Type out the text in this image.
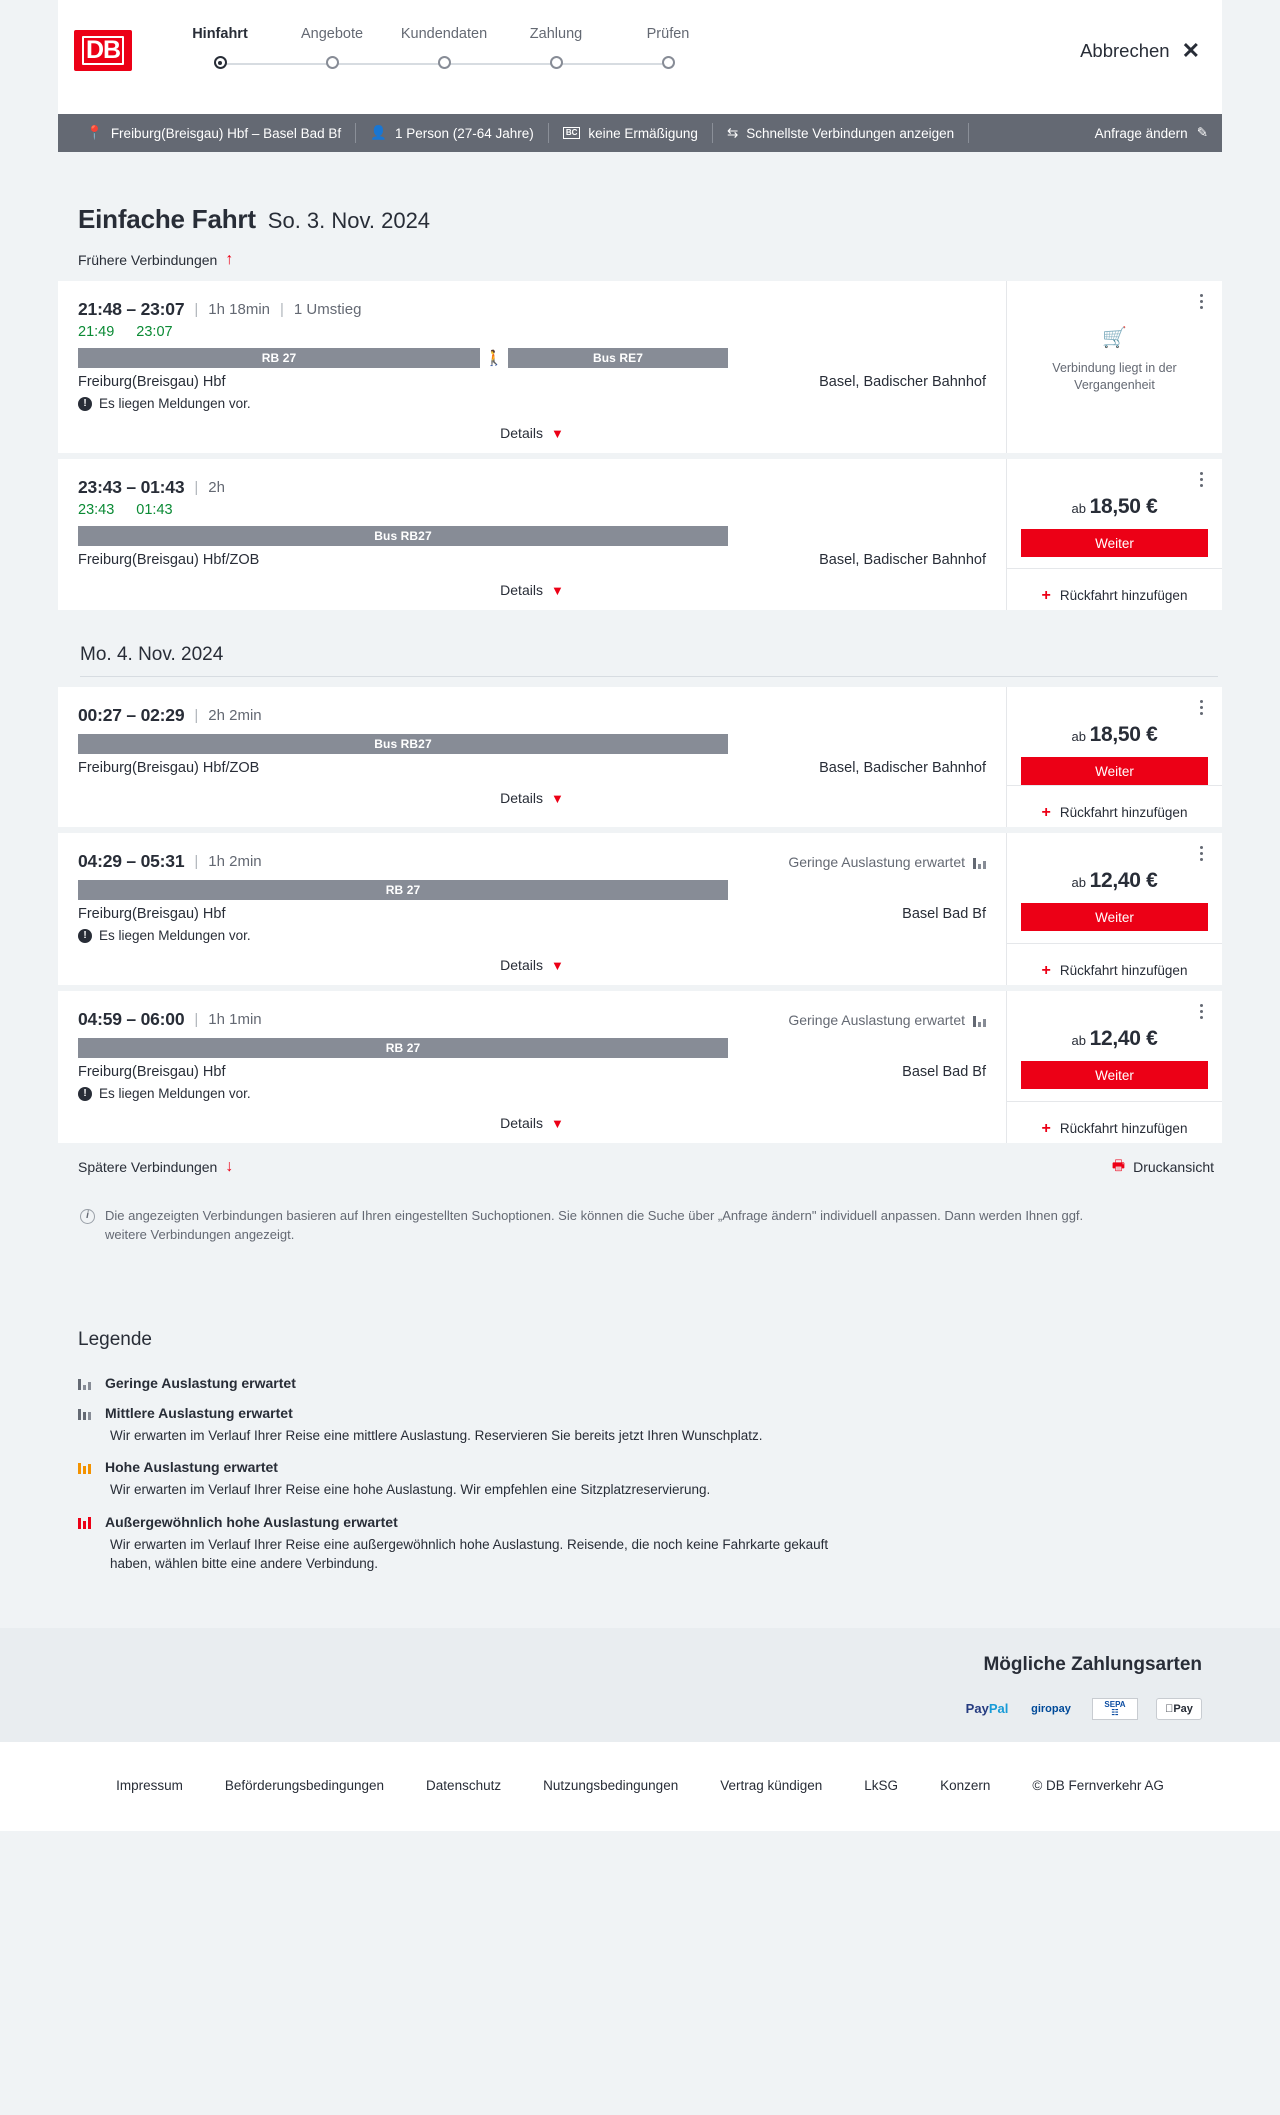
DB
Hinfahrt	Angebote	Kundendaten	Zahlung	Prüfen
Abbrechen ✕
📍 Freiburg(Breisgau) Hbf – Basel Bad Bf 👤 1 Person (27-64 Jahre)	BC keine Ermäßigung ⇆ Schnellste Verbindungen anzeigen	Anfrage ändern ✎
Einfache Fahrt So. 3. Nov. 2024
Frühere Verbindungen ↑
21:48 – 23:07 | 1h 18min | 1 Umstieg
21:49 23:07
RB 27	🚶	Bus RE7
Freiburg(Breisgau) Hbf	Basel, Badischer Bahnhof
! Es liegen Meldungen vor.
Details ▼
🛒
Verbindung liegt in der Vergangenheit
23:43 – 01:43 | 2h
23:43 01:43
Bus RB27
Freiburg(Breisgau) Hbf/ZOB	Basel, Badischer Bahnhof
Details ▼
ab 18,50 €
Weiter
+ Rückfahrt hinzufügen
Mo. 4. Nov. 2024
00:27 – 02:29 | 2h 2min
Bus RB27
Freiburg(Breisgau) Hbf/ZOB	Basel, Badischer Bahnhof
Details ▼
ab 18,50 €
Weiter
+ Rückfahrt hinzufügen
04:29 – 05:31 | 1h 2min	Geringe Auslastung erwartet
RB 27
Freiburg(Breisgau) Hbf	Basel Bad Bf
! Es liegen Meldungen vor.
Details ▼
ab 12,40 €
Weiter
+ Rückfahrt hinzufügen
04:59 – 06:00 | 1h 1min	Geringe Auslastung erwartet
RB 27
Freiburg(Breisgau) Hbf	Basel Bad Bf
! Es liegen Meldungen vor.
Details ▼
ab 12,40 €
Weiter
+ Rückfahrt hinzufügen
Spätere Verbindungen ↓	🖶 Druckansicht
i	Die angezeigten Verbindungen basieren auf Ihren eingestellten Suchoptionen. Sie können die Suche über „Anfrage ändern" individuell anpassen. Dann werden Ihnen ggf. weitere Verbindungen angezeigt.
Legende
Geringe Auslastung erwartet
Mittlere Auslastung erwartet
Wir erwarten im Verlauf Ihrer Reise eine mittlere Auslastung. Reservieren Sie bereits jetzt Ihren Wunschplatz.
Hohe Auslastung erwartet
Wir erwarten im Verlauf Ihrer Reise eine hohe Auslastung. Wir empfehlen eine Sitzplatzreservierung.
Außergewöhnlich hohe Auslastung erwartet
Wir erwarten im Verlauf Ihrer Reise eine außergewöhnlich hohe Auslastung. Reisende, die noch keine Fahrkarte gekauft haben, wählen bitte eine andere Verbindung.
Mögliche Zahlungsarten
Pay Pal giropay	SEPA
☷	Pay
Impressum	Beförderungsbedingungen	Datenschutz	Nutzungsbedingungen	Vertrag kündigen	LkSG	Konzern	© DB Fernverkehr AG
